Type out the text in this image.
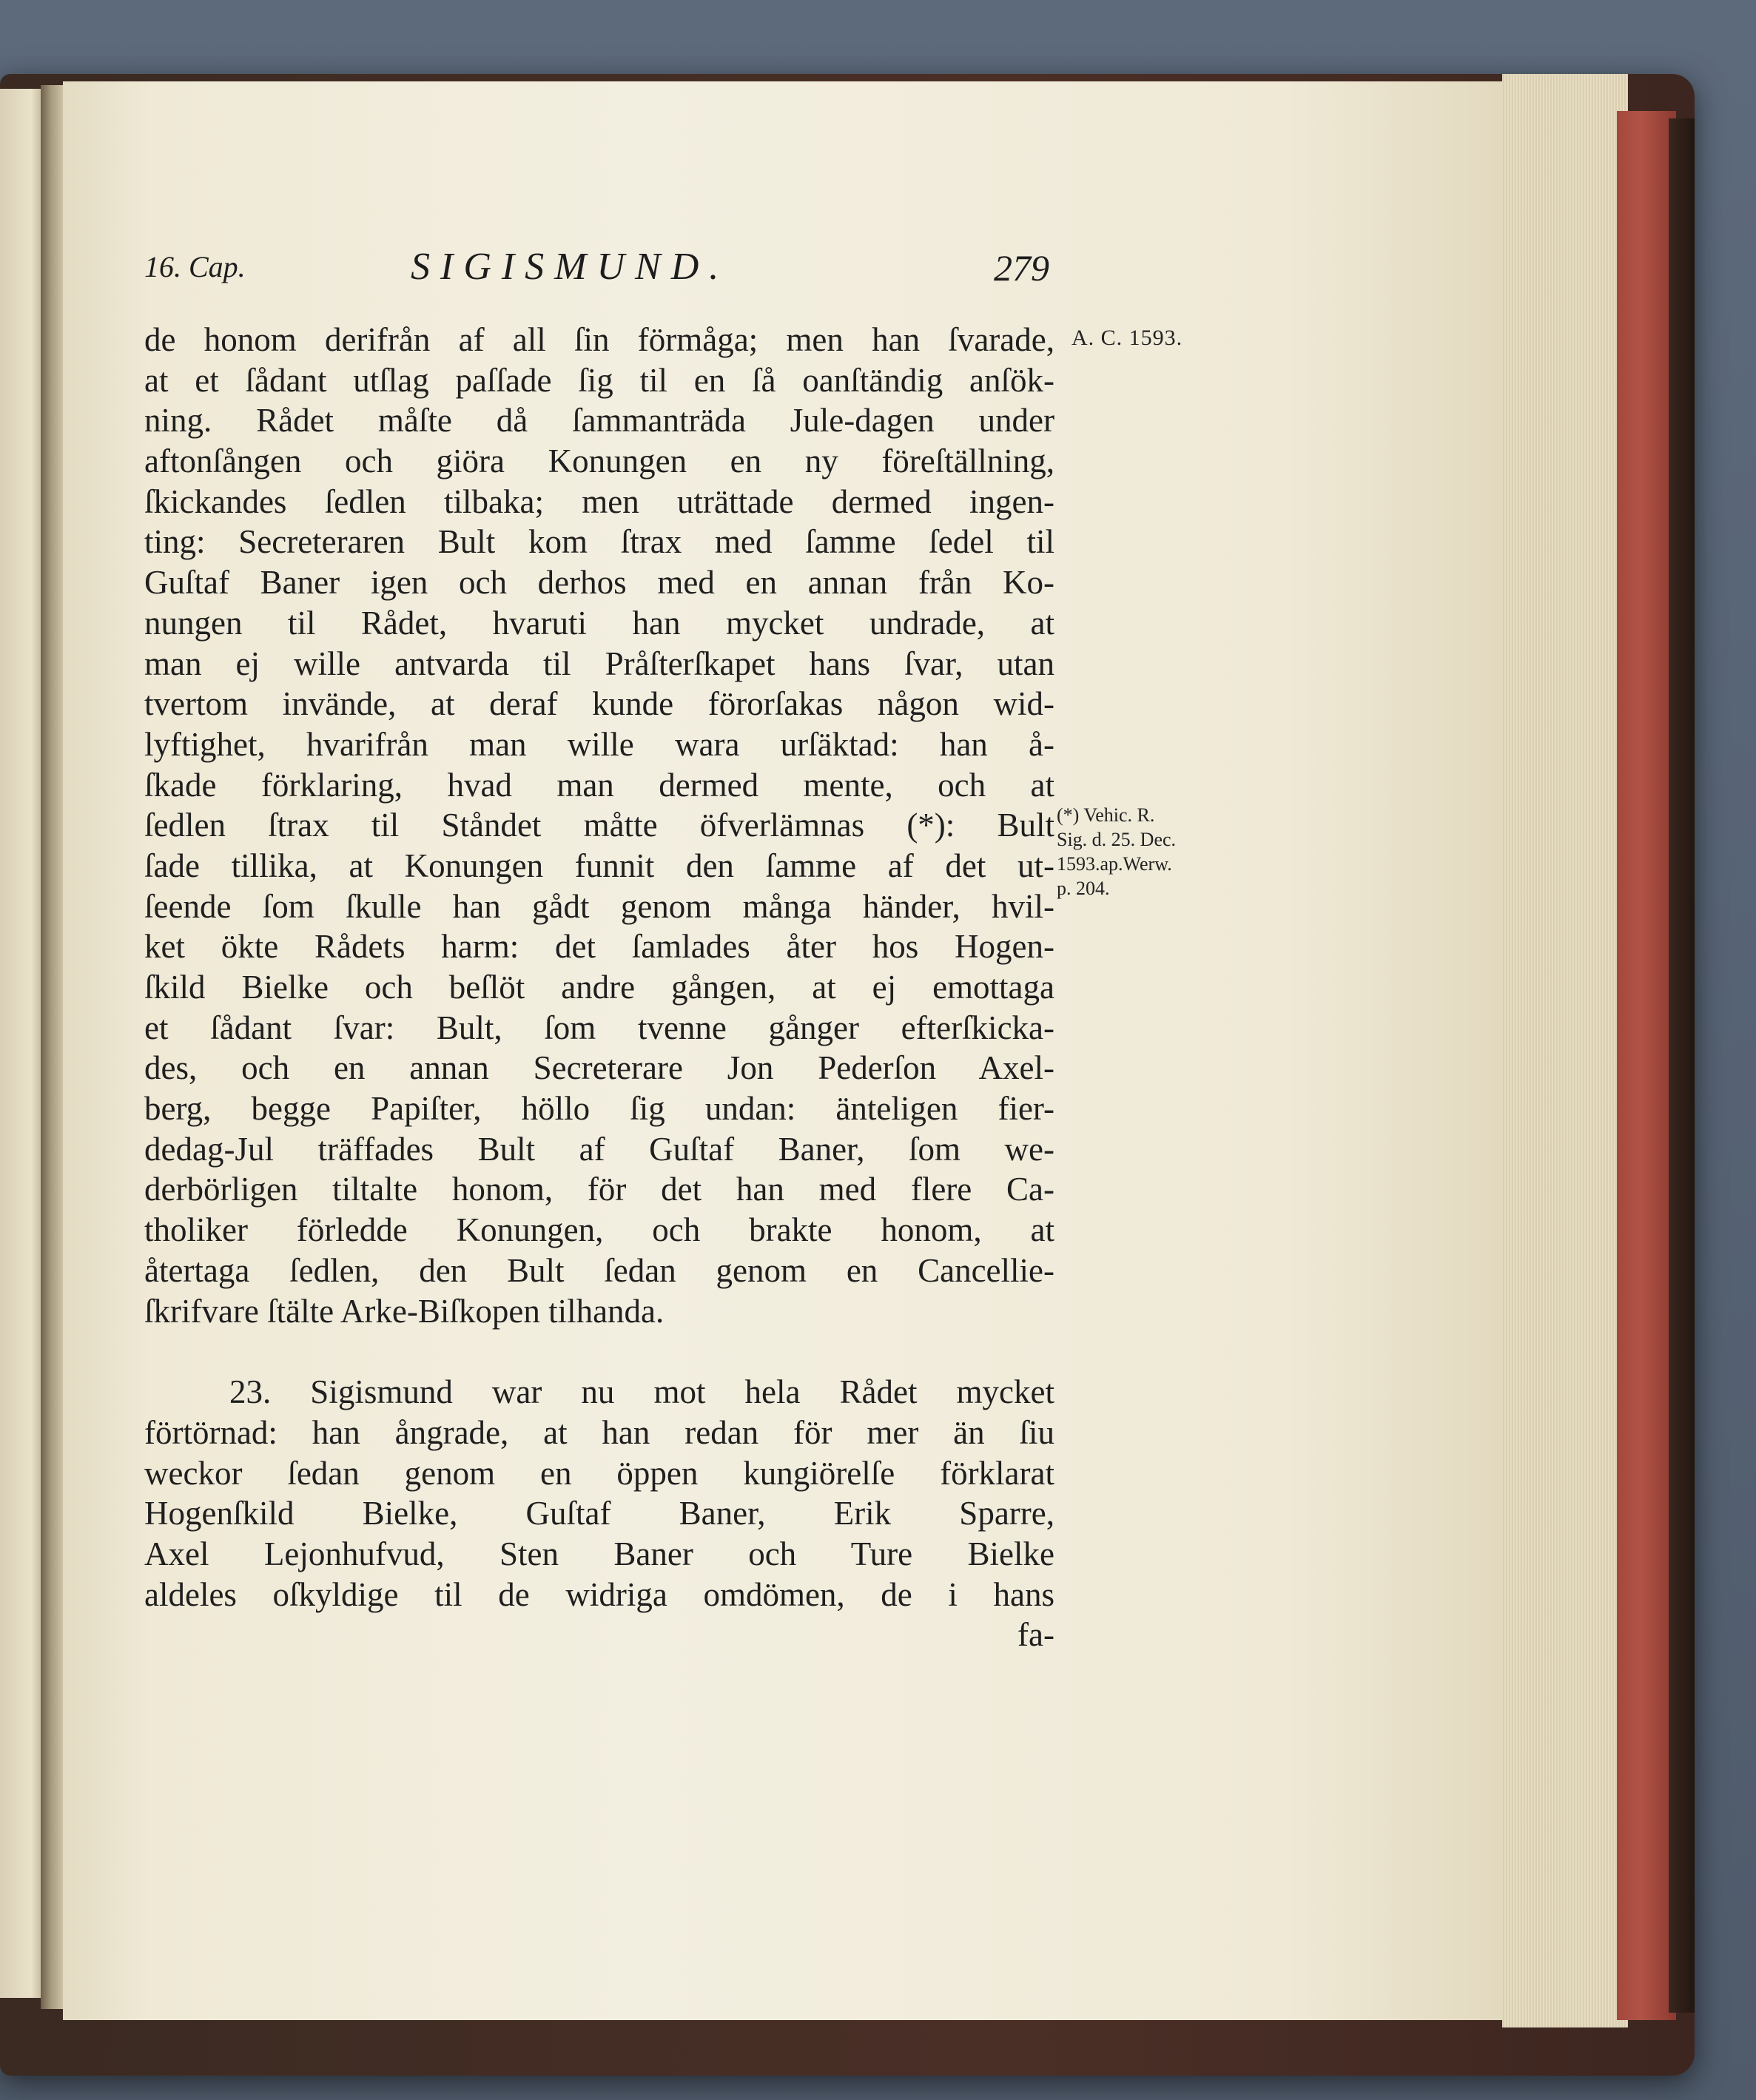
16. Cap.	SIGISMUND.	279
A. C. 1593.
(*) Vehic. R.
Sig. d. 25. Dec.
1593.ap.Werw.
p. 204.
de honom derifrån af all ſin förmåga; men han ſvarade,
at et ſådant utſlag paſſade ſig til en ſå oanſtändig anſök-
ning. Rådet måſte då ſammanträda Jule-dagen under
aftonſången och giöra Konungen en ny föreſtällning,
ſkickandes ſedlen tilbaka; men uträttade dermed ingen-
ting: Secreteraren Bult kom ſtrax med ſamme ſedel til
Guſtaf Baner igen och derhos med en annan från Ko-
nungen til Rådet, hvaruti han mycket undrade, at
man ej wille antvarda til Pråſterſkapet hans ſvar, utan
tvertom invände, at deraf kunde förorſakas någon wid-
lyftighet, hvarifrån man wille wara urſäktad: han å-
ſkade förklaring, hvad man dermed mente, och at
ſedlen ſtrax til Ståndet måtte öfverlämnas (*): Bult
ſade tillika, at Konungen funnit den ſamme af det ut-
ſeende ſom ſkulle han gådt genom många händer, hvil-
ket ökte Rådets harm: det ſamlades åter hos Hogen-
ſkild Bielke och beſlöt andre gången, at ej emottaga
et ſådant ſvar: Bult, ſom tvenne gånger efterſkicka-
des, och en annan Secreterare Jon Pederſon Axel-
berg, begge Papiſter, höllo ſig undan: änteligen fier-
dedag-Jul träffades Bult af Guſtaf Baner, ſom we-
derbörligen tiltalte honom, för det han med flere Ca-
tholiker förledde Konungen, och brakte honom, at
återtaga ſedlen, den Bult ſedan genom en Cancellie-
ſkrifvare ſtälte Arke-Biſkopen tilhanda.
23. Sigismund war nu mot hela Rådet mycket
förtörnad: han ångrade, at han redan för mer än ſiu
weckor ſedan genom en öppen kungiörelſe förklarat
Hogenſkild Bielke, Guſtaf Baner, Erik Sparre,
Axel Lejonhufvud, Sten Baner och Ture Bielke
aldeles oſkyldige til de widriga omdömen, de i hans
fa-
